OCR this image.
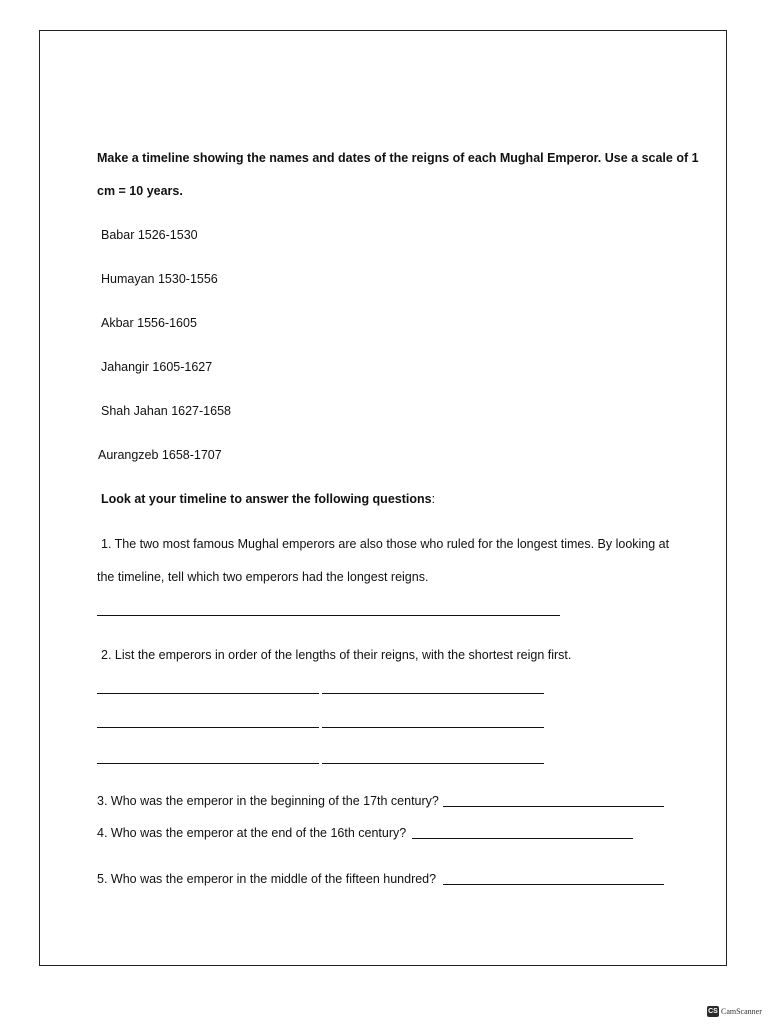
Make a timeline showing the names and dates of the reigns of each Mughal Emperor. Use a scale of 1
cm = 10 years.
Babar 1526-1530
Humayan 1530-1556
Akbar 1556-1605
Jahangir 1605-1627
Shah Jahan 1627-1658
Aurangzeb 1658-1707
Look at your timeline to answer the following questions:
1. The two most famous Mughal emperors are also those who ruled for the longest times. By looking at
the timeline, tell which two emperors had the longest reigns.
2. List the emperors in order of the lengths of their reigns, with the shortest reign first.
3. Who was the emperor in the beginning of the 17th century?
4. Who was the emperor at the end of the 16th century?
5. Who was the emperor in the middle of the fifteen hundred?
CS CamScanner
